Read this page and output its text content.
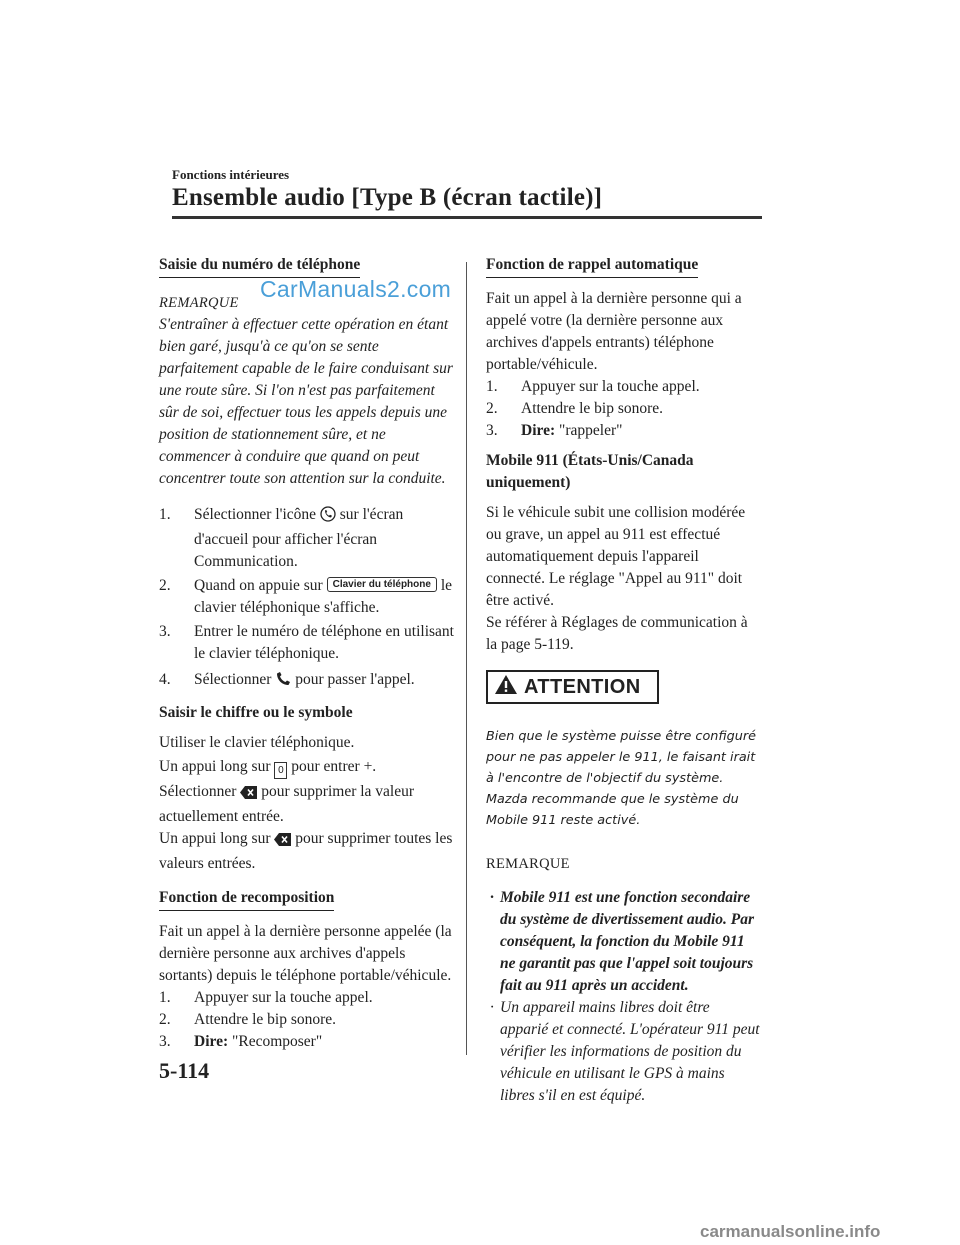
Fonctions intérieures
Ensemble audio [Type B (écran tactile)]
Saisie du numéro de téléphone
REMARQUE

S'entraîner à effectuer cette opération en étant bien garé, jusqu'à ce qu'on se sente parfaitement capable de le faire conduisant sur une route sûre. Si l'on n'est pas parfaitement sûr de soi, effectuer tous les appels depuis une position de stationnement sûre, et ne commencer à conduire que quand on peut concentrer toute son attention sur la conduite.

1.	Sélectionner l'icône sur l'écran d'accueil pour afficher l'écran Communication.
2.	Quand on appuie sur Clavier du téléphone le clavier téléphonique s'affiche.
3.	Entrer le numéro de téléphone en utilisant le clavier téléphonique.
4.	Sélectionner pour passer l'appel.

Saisir le chiffre ou le symbole

Utiliser le clavier téléphonique.

Un appui long sur 0 pour entrer +.

Sélectionner pour supprimer la valeur actuellement entrée.

Un appui long sur pour supprimer toutes les valeurs entrées.

Fonction de recomposition

Fait un appel à la dernière personne appelée (la dernière personne aux archives d'appels sortants) depuis le téléphone portable/véhicule.

1.	Appuyer sur la touche appel.
2.	Attendre le bip sonore.
3.	Dire: "Recomposer"
CarManuals2.com
Fonction de rappel automatique

Fait un appel à la dernière personne qui a appelé votre (la dernière personne aux archives d'appels entrants) téléphone portable/véhicule.

1.	Appuyer sur la touche appel.
2.	Attendre le bip sonore.
3.	Dire: "rappeler"

Mobile 911 (États-Unis/Canada uniquement)

Si le véhicule subit une collision modérée ou grave, un appel au 911 est effectué automatiquement depuis l'appareil connecté. Le réglage "Appel au 911" doit être activé.

Se référer à Réglages de communication à la page 5-119.

ATTENTION

Bien que le système puisse être configuré pour ne pas appeler le 911, le faisant irait à l'encontre de l'objectif du système. Mazda recommande que le système du Mobile 911 reste activé.

REMARQUE
· Mobile 911 est une fonction secondaire du système de divertissement audio. Par conséquent, la fonction du Mobile 911 ne garantit pas que l'appel soit toujours fait au 911 après un accident.
· Un appareil mains libres doit être apparié et connecté. L'opérateur 911 peut vérifier les informations de position du véhicule en utilisant le GPS à mains libres s'il en est équipé.
5-114
carmanualsonline.info
